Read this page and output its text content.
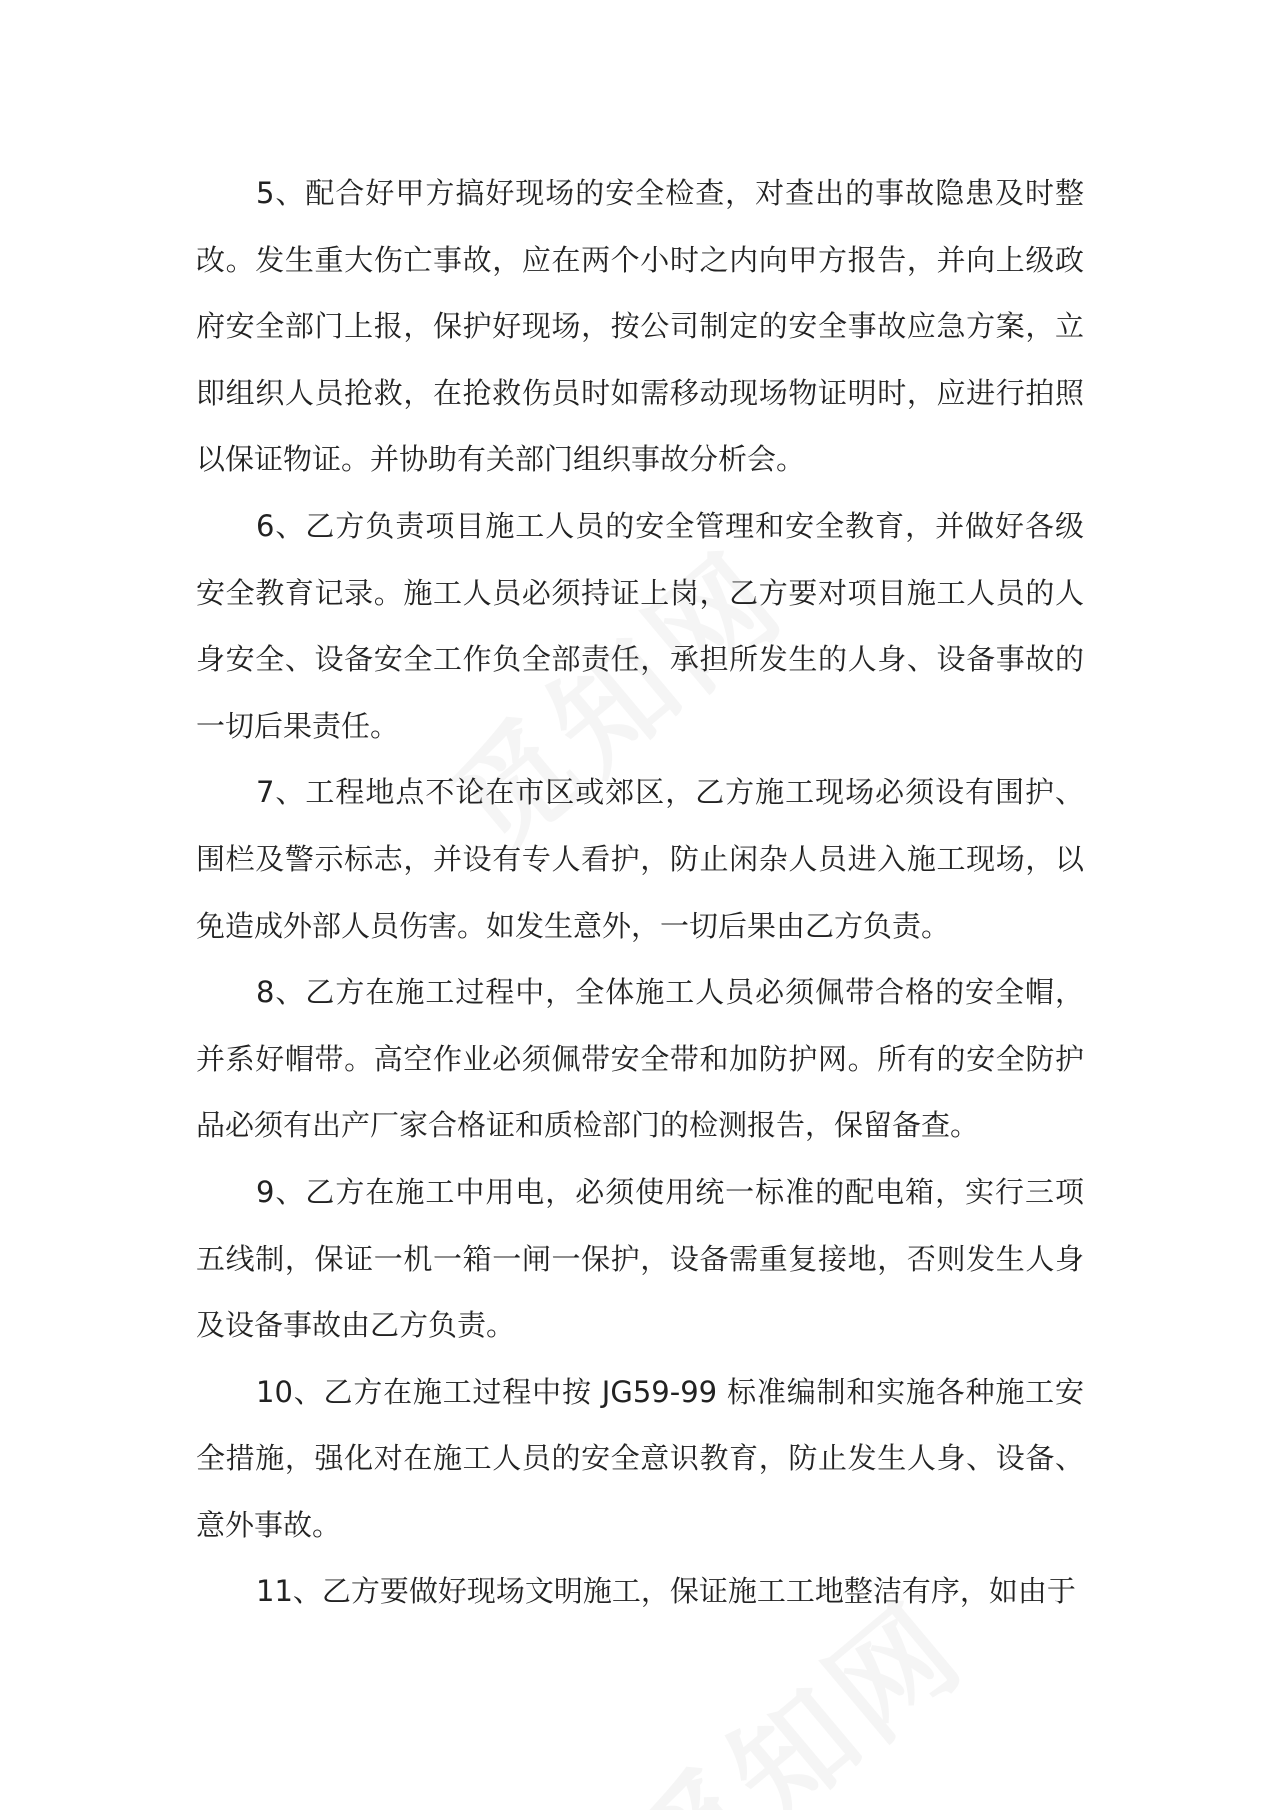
5、配合好甲方搞好现场的安全检查，对查出的事故隐患及时整改。发生重大伤亡事故，应在两个小时之内向甲方报告，并向上级政府安全部门上报，保护好现场，按公司制定的安全事故应急方案，立即组织人员抢救，在抢救伤员时如需移动现场物证明时，应进行拍照以保证物证。并协助有关部门组织事故分析会。

6、乙方负责项目施工人员的安全管理和安全教育，并做好各级安全教育记录。施工人员必须持证上岗，乙方要对项目施工人员的人身安全、设备安全工作负全部责任，承担所发生的人身、设备事故的一切后果责任。

7、工程地点不论在市区或郊区，乙方施工现场必须设有围护、围栏及警示标志，并设有专人看护，防止闲杂人员进入施工现场，以免造成外部人员伤害。如发生意外，一切后果由乙方负责。

8、乙方在施工过程中，全体施工人员必须佩带合格的安全帽，并系好帽带。高空作业必须佩带安全带和加防护网。所有的安全防护品必须有出产厂家合格证和质检部门的检测报告，保留备查。

9、乙方在施工中用电，必须使用统一标准的配电箱，实行三项五线制，保证一机一箱一闸一保护，设备需重复接地，否则发生人身及设备事故由乙方负责。

10、乙方在施工过程中按 JG59-99 标准编制和实施各种施工安全措施，强化对在施工人员的安全意识教育，防止发生人身、设备、意外事故。

11、乙方要做好现场文明施工，保证施工工地整洁有序，如由于
